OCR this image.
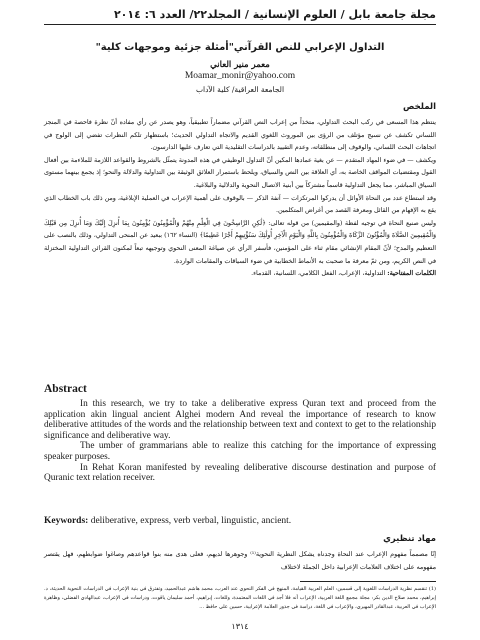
مجلة جامعة بابل / العلوم الإنسانية / المجلد٢٢/ العدد ٦: ٢٠١٤
التداول الإعرابي للنص القرآني"أمثلة جزئية وموجهات كلية"
معمر منير العاني
Moamar_monir@yahoo.com
الجامعة العراقية/ كلية الآداب
الملخص

ينتظم هذا المسعى في ركب البحث التداولي، متخذاً من إعراب النص القرآني مضماراً تطبيقياً، وهو يصدر عن رأي مفاده أنّ نظرة فاحصة في المنجز اللساني تكشف عن نسيج مؤتلف من الرؤى بين الموروث اللغوي القديم والاتجاه التداولي الحديث؛ باستظهار تلكم النظرات تفضي إلى الولوج في اتجاهات البحث اللساني، والوقوف إلى منطلقاته، وعدم التقييد بالدراسات التقليدية التي تعارف عليها الدارسون.

ويكشف — في ضوء المهاد المتقدم — عن بغية عمادها المكين أنّ التداول الوظيفي في هذه المدونة يتمثّل بالشروط والقواعد اللازمة للملاءمة بين أفعال القول ومقتضيات المواقف الخاصة به، أي العلاقة بين النص والسياق، ويلحظ باستمرار العلائق الوثيقة بين التداولية والدلالة والنحو؛ إذ يجمع بينهما مستوى السياق المباشر، مما يجعل التداولية قاسماً مشتركاً بين أبنية الاتصال النحوية والدلالية والبلاغية.

وقد استطاع عدد من النحاة الأوائل أن يدركوا المرتكزات — آنفة الذكر — بالوقوف على أهمية الإعراب في العملية الإبلاغية، ومن ذلك باب الخطاب الذي يقع به الإفهام من القائل ومعرفة القصد من أغراض المتكلمين.

وليس صنيع النحاة في توجيه لفظة (والمقيمين) من قوله تعالى: ﴿لَٰكِنِ الرَّاسِخُونَ فِي الْعِلْمِ مِنْهُمْ وَالْمُؤْمِنُونَ يُؤْمِنُونَ بِمَا أُنزِلَ إِلَيْكَ وَمَا أُنزِلَ مِن قَبْلِكَ وَالْمُقِيمِينَ الصَّلَاةَ وَالْمُؤْتُونَ الزَّكَاةَ وَالْمُؤْمِنُونَ بِاللَّهِ وَالْيَوْمِ الْآخِرِ أُولَٰئِكَ سَنُؤْتِيهِمْ أَجْرًا عَظِيمًا﴾ (النساء ١٦٢) ببعيد عن المنحى التداولي، وذلك بالنصب على التعظيم والمدح؛ لأنّ المقام الإنشائي مقام ثناء على المؤمنين، فأسفر الرأي عن صياغة المعنى النحوي وتوجيهه تبعاً لمكنون القرائن التداولية المختزلة في النص الكريم، ومن ثمّ معرفة ما صحبت به الأنماط الخطابية في ضوء السياقات والمقامات الواردة.

الكلمات المفتاحية: التداولية، الإعراب، الفعل الكلامي، اللسانية، القدماء.

Abstract

In this research, we try to take a deliberative express Quran text and proceed from the application akin lingual ancient Alghei modern And reveal the importance of research to know deliberative attitudes of the words and the relationship between text and context to get to the relationship significance and deliberative way.

The umber of grammarians able to realize this catching for the importance of expressing speaker purposes.

In Rehat Koran manifested by revealing deliberative discourse destination and purpose of Quranic text relation receiver.

Keywords: deliberative, express, verb verbal, linguistic, ancient.
مهاد تنظيري

إنّا مصمماً مفهوم الإعراب عند النحاة وجدناه يشكل النظرية النحوية⁽¹⁾ وجوهرها لديهم، فعلى هدى منه بنوا قواعدهم وصاغوا ضوابطهم، فهل يقتصر مفهومه على اختلاف العلامات الإعرابية داخل الجملة لاختلاف

(1) تنقسم نظرية الدراسات اللغوية إلى قسمين: العلم العربية القيامة، المنهج في الفكر النحوي عند العرب، محمد هاشم عبدالحميد، وتفترق في بنية الإعراب في الدراسات النحوية الحديثة، د. إبراهيم، محمد صلاح الدين بكر: مجلة مجمع اللغة العربية، الإعراب أنه فلا أجد في اللغات المعتمدة، وللغات، إبراهيم، أحمد سليمان ياقوت، ودراسات في الإعراب، عبدالهادي الفضلي، وظاهرة الإعراب في العربية، عبدالقادر المهيري، والإعراب في اللغة، دراسة في جذور العلامة الإعرابية، حسين علي حافظ ...

١٣١٤
